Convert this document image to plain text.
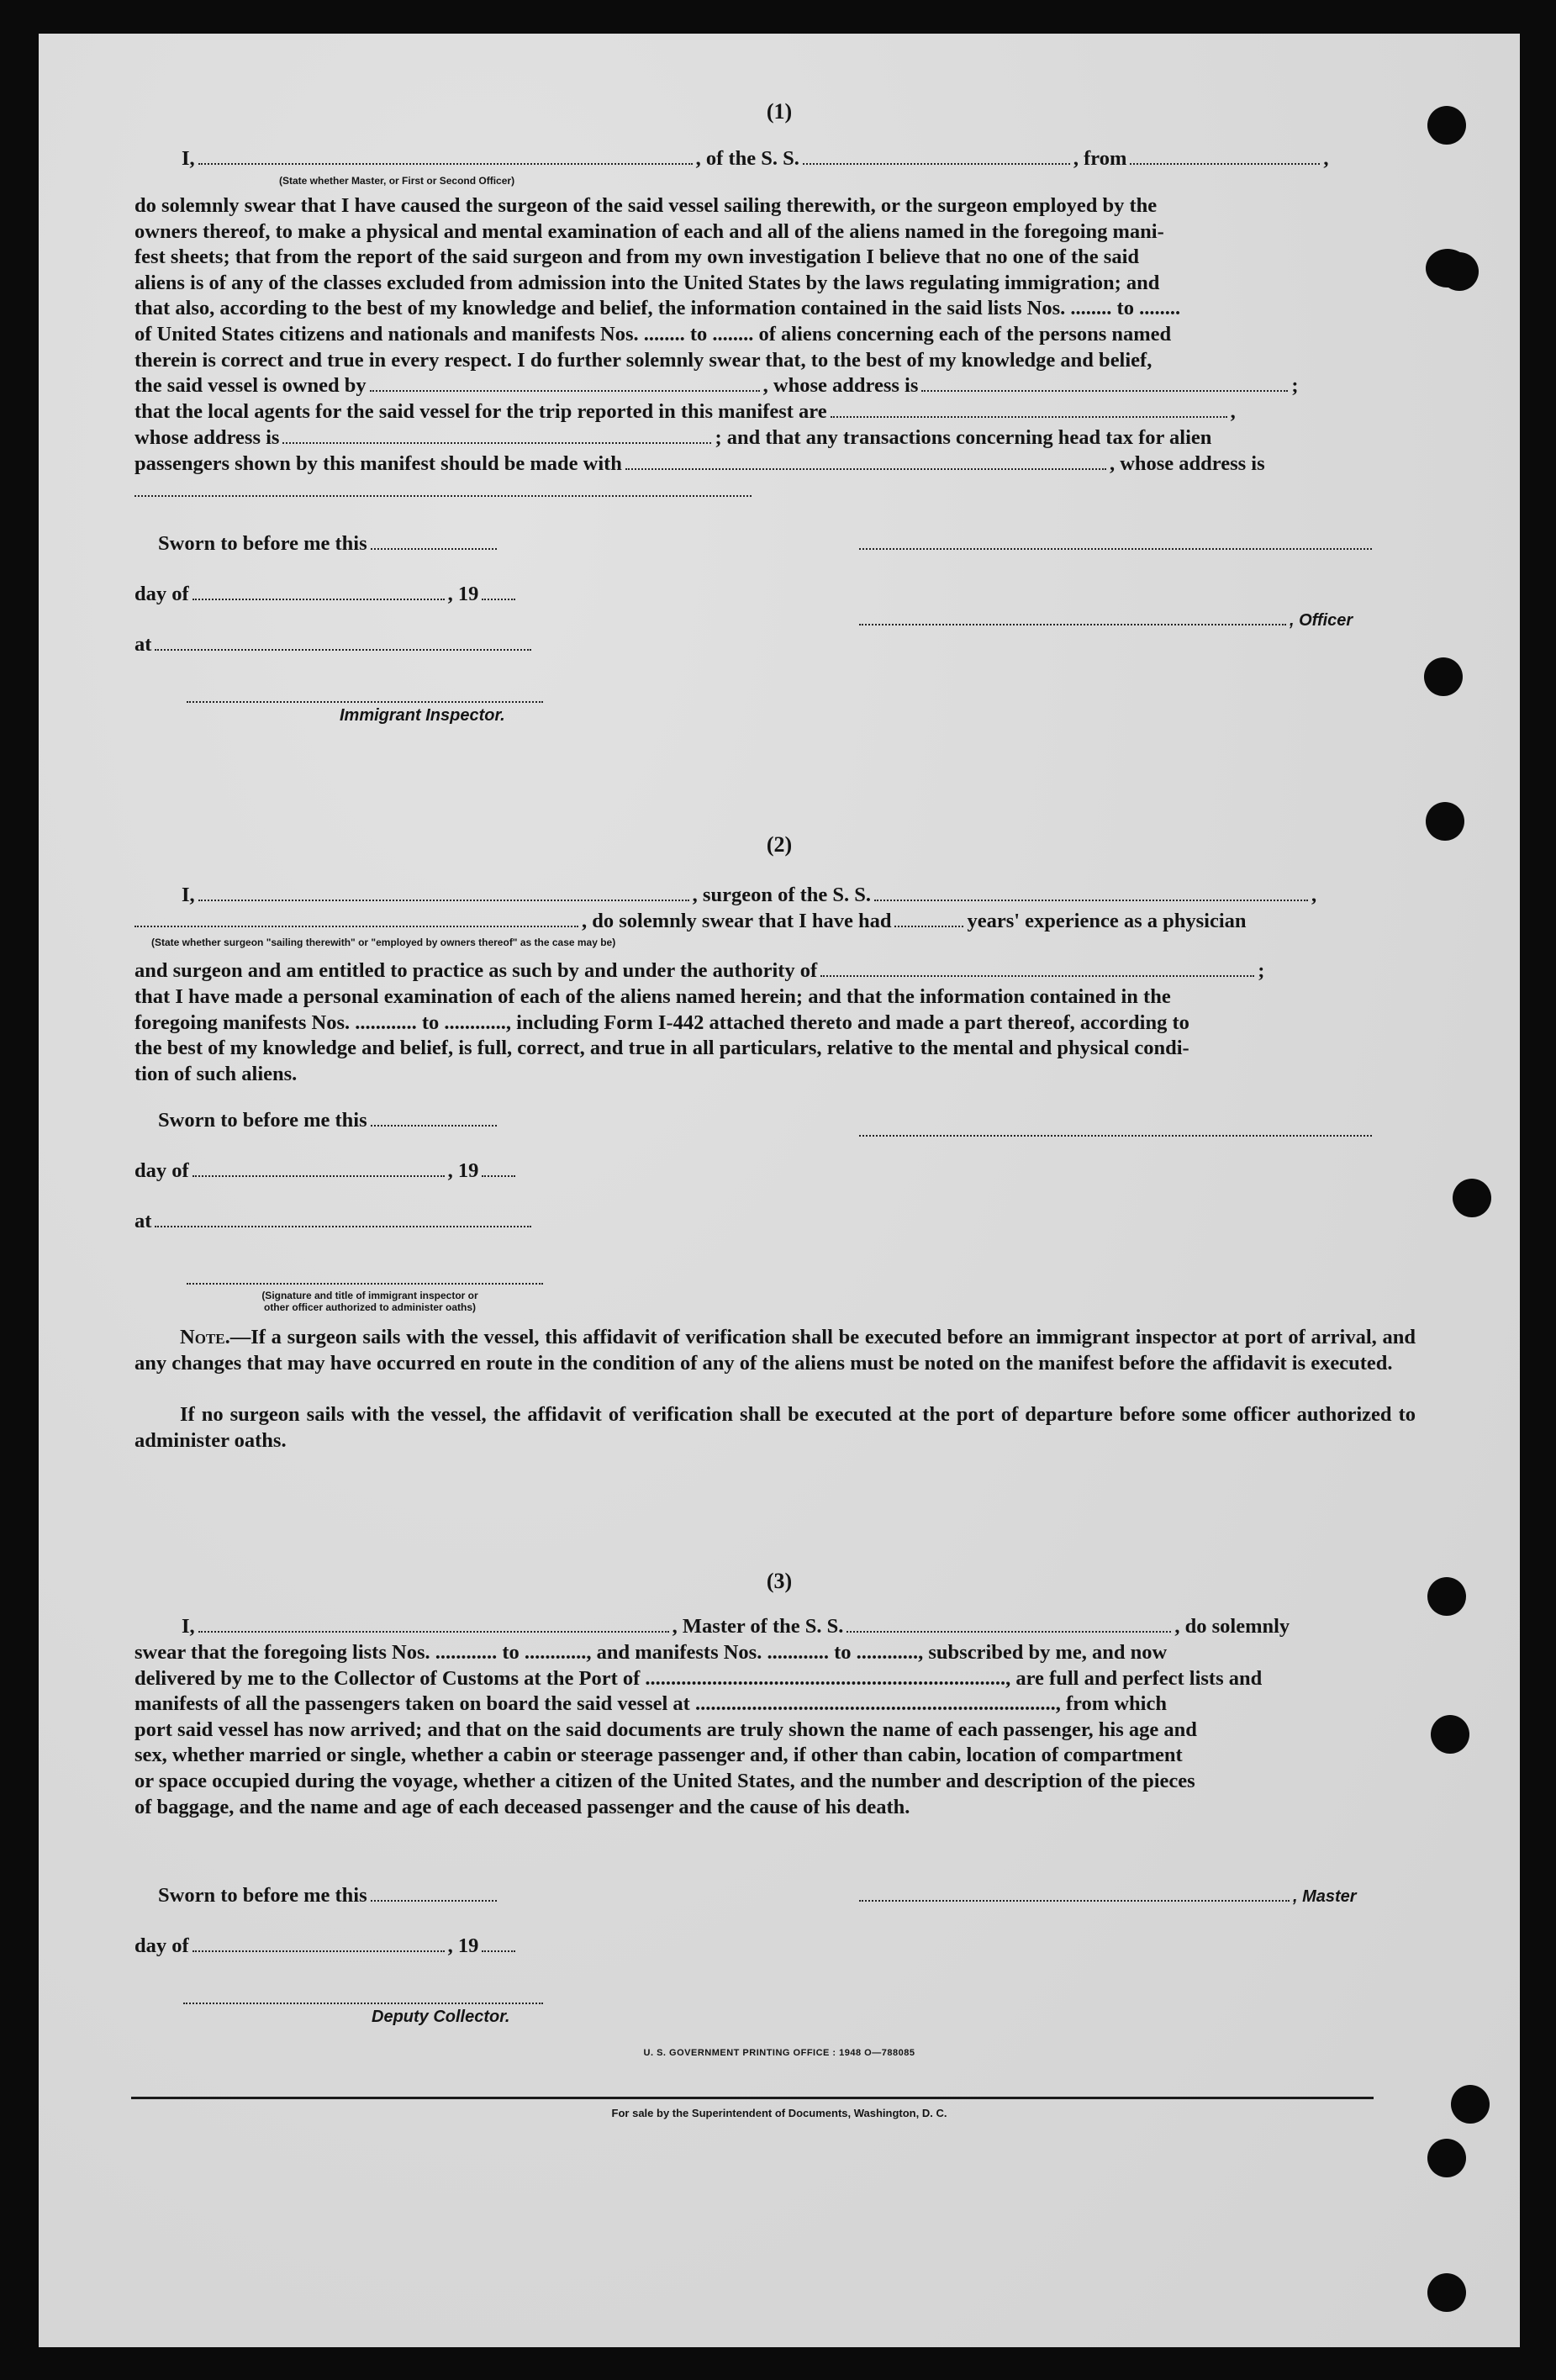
(1)
I,	, of the S. S.	, from	,
(State whether Master, or First or Second Officer)
do solemnly swear that I have caused the surgeon of the said vessel sailing therewith, or the surgeon employed by the
owners thereof, to make a physical and mental examination of each and all of the aliens named in the foregoing mani-
fest sheets; that from the report of the said surgeon and from my own investigation I believe that no one of the said
aliens is of any of the classes excluded from admission into the United States by the laws regulating immigration; and
that also, according to the best of my knowledge and belief, the information contained in the said lists Nos. ........ to ........
of United States citizens and nationals and manifests Nos. ........ to ........ of aliens concerning each of the persons named
therein is correct and true in every respect. I do further solemnly swear that, to the best of my knowledge and belief,
the said vessel is owned by	, whose address is	;
that the local agents for the said vessel for the trip reported in this manifest are	,
whose address is	; and that any transactions concerning head tax for alien
passengers shown by this manifest should be made with	, whose address is
Sworn to before me this
day of	, 19
, Officer
at
Immigrant Inspector.
(2)
I,	, surgeon of the S. S.	,
, do solemnly swear that I have had	years' experience as a physician
(State whether surgeon "sailing therewith" or "employed by owners thereof" as the case may be)
and surgeon and am entitled to practice as such by and under the authority of	;
that I have made a personal examination of each of the aliens named herein; and that the information contained in the
foregoing manifests Nos. ............ to ............, including Form I-442 attached thereto and made a part thereof, according to
the best of my knowledge and belief, is full, correct, and true in all particulars, relative to the mental and physical condi-
tion of such aliens.
Sworn to before me this
day of	, 19
at
(Signature and title of immigrant inspector or
other officer authorized to administer oaths)
Note.—If a surgeon sails with the vessel, this affidavit of verification shall be executed before an immigrant inspector at port of arrival, and any changes that may have occurred en route in the condition of any of the aliens must be noted on the manifest before the affidavit is executed.
If no surgeon sails with the vessel, the affidavit of verification shall be executed at the port of departure before some officer authorized to administer oaths.
(3)
I,	, Master of the S. S.	, do solemnly
swear that the foregoing lists Nos. ............ to ............, and manifests Nos. ............ to ............, subscribed by me, and now
delivered by me to the Collector of Customs at the Port of ......................................................................, are full and perfect lists and
manifests of all the passengers taken on board the said vessel at ......................................................................, from which
port said vessel has now arrived; and that on the said documents are truly shown the name of each passenger, his age and
sex, whether married or single, whether a cabin or steerage passenger and, if other than cabin, location of compartment
or space occupied during the voyage, whether a citizen of the United States, and the number and description of the pieces
of baggage, and the name and age of each deceased passenger and the cause of his death.
Sworn to before me this	, Master
day of	, 19
Deputy Collector.
U. S. GOVERNMENT PRINTING OFFICE : 1948 O—788085
For sale by the Superintendent of Documents, Washington, D. C.
